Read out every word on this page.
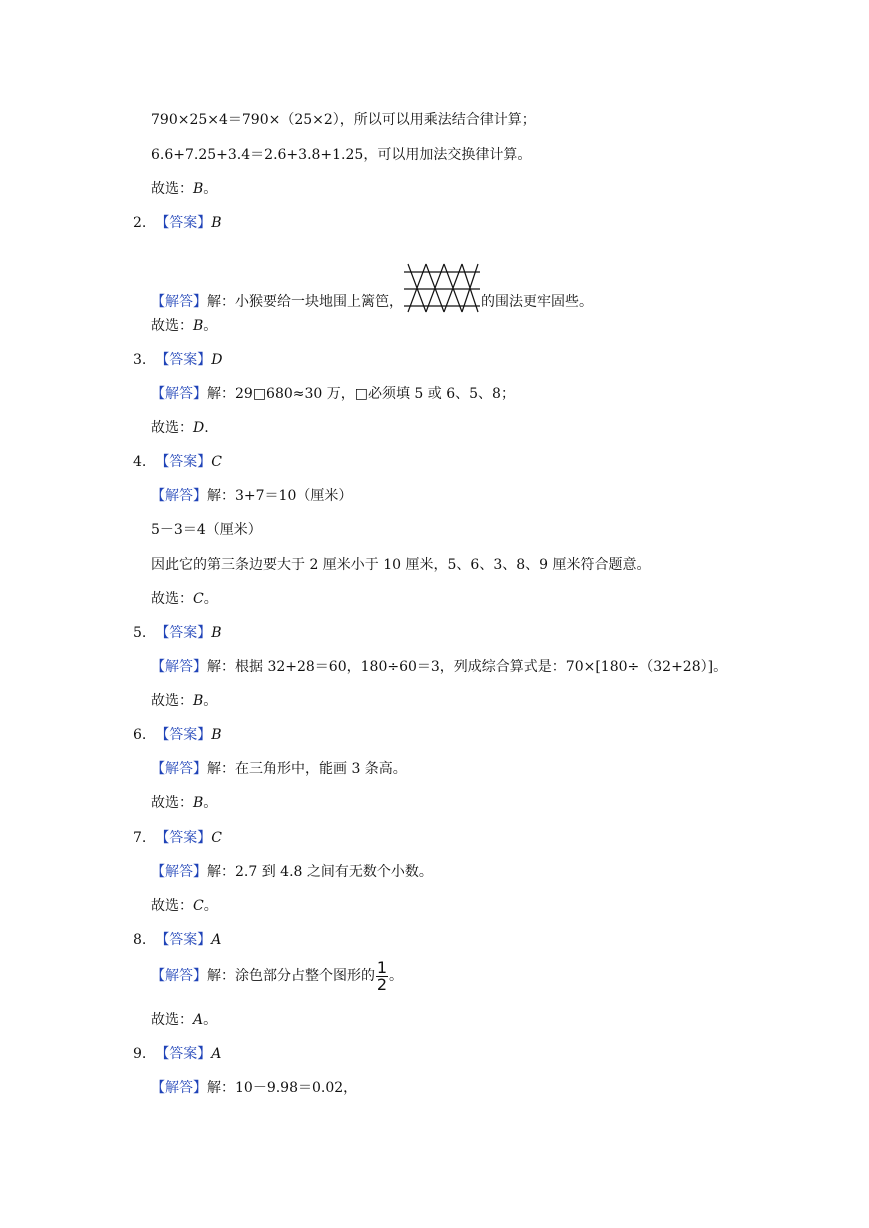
790×25×4＝790×（25×2），所以可以用乘法结合律计算；
6.6+7.25+3.4＝2.6+3.8+1.25，可以用加法交换律计算。
故选：B。
2. 【答案】B
【解答】解：小猴要给一块地围上篱笆，	的围法更牢固些。
故选：B。
3. 【答案】D
【解答】解：29□680≈30 万，□必须填 5 或 6、5、8；
故选：D.
4. 【答案】C
【解答】解：3+7＝10（厘米）
5－3＝4（厘米）
因此它的第三条边要大于 2 厘米小于 10 厘米，5、6、3、8、9 厘米符合题意。
故选：C。
5. 【答案】B
【解答】解：根据 32+28＝60，180÷60＝3，列成综合算式是：70×[180÷（32+28）]。
故选：B。
6. 【答案】B
【解答】解：在三角形中，能画 3 条高。
故选：B。
7. 【答案】C
【解答】解：2.7 到 4.8 之间有无数个小数。
故选：C。
8. 【答案】A
【解答】解：涂色部分占整个图形的 $\frac{1}{2}$ 。
故选：A。
9. 【答案】A
【解答】解：10－9.98＝0.02，
